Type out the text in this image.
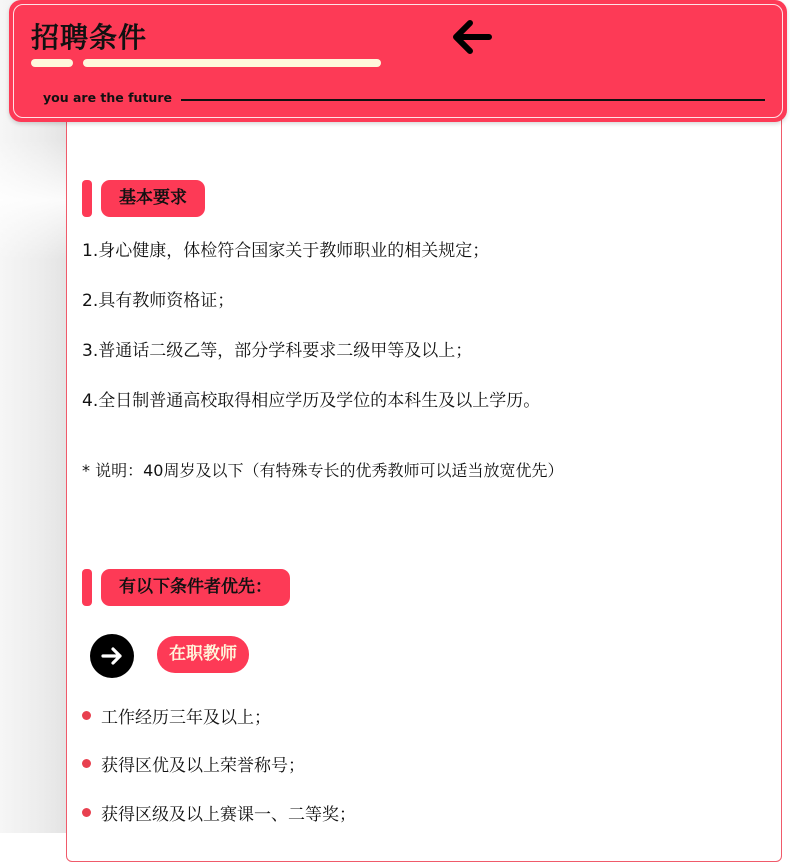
招聘条件
you are the future
基本要求
1.身心健康，体检符合国家关于教师职业的相关规定；
2.具有教师资格证；
3.普通话二级乙等，部分学科要求二级甲等及以上；
4.全日制普通高校取得相应学历及学位的本科生及以上学历。
* 说明：40周岁及以下（有特殊专长的优秀教师可以适当放宽优先）
有以下条件者优先：
在职教师
工作经历三年及以上；
获得区优及以上荣誉称号；
获得区级及以上赛课一、二等奖；
